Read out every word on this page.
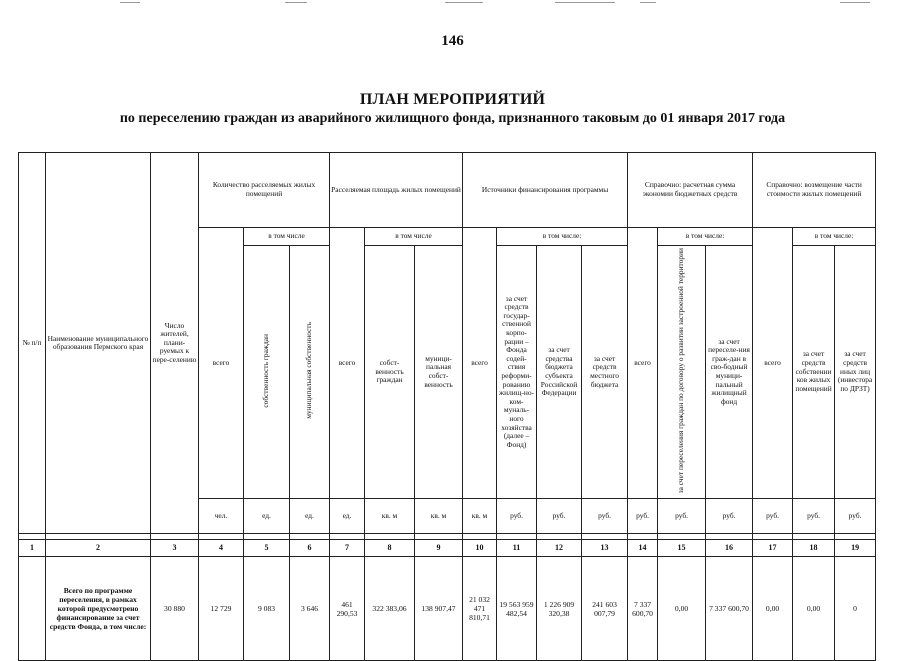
146
ПЛАН МЕРОПРИЯТИЙ
по переселению граждан из аварийного жилищного фонда, признанного таковым до 01 января 2017 года
№ п/п	Наименование муниципального образования Пермского края	Число жителей, плани-руемых к пере-селению	Количество расселяемых жилых помещений			Расселяемая площадь жилых помещений			Источники финансирования программы				Справочно: расчетная сумма экономии бюджетных средств			Справочно: возмещение части стоимости жилых помещений			
			всего	в том числе		всего	в том числе		всего	в том числе:			всего	в том числе:		всего	в том числе:		
				собственность граждан	муниципальная собственность		собст-венность граждан	муници-пальная собст-венность		за счет средств государ-ственной корпо-рации – Фонда содей-ствия реформи-рованию жилищ-но-ком-муналь-ного хозяйства (далее – Фонд)	за счет средства бюджета субъекта Российской Федерации	за счет средств местного бюджета		за счет переселения граждан по договору о развитии застроенной территории	за счет переселе-ния граж-дан в сво-бодный муници-пальный жилищный фонд		за счет средств собственни ков жилых помещений	за счет средств иных лиц (инвестора по ДРЗТ)	
			чел.	ед.	ед.	ед.	кв. м	кв. м	кв. м	руб.	руб.	руб.	руб.	руб.	руб.	руб.	руб.	руб.	

1	2	3	4	5	6	7	8	9	10	11	12	13	14	15	16	17	18	19	
	Всего по программе переселения, в рамках которой предусмотрено финансирование за счет средств Фонда, в том числе:	30 880	12 729	9 083	3 646	461 290,53	322 383,06	138 907,47	21 032 471 810,71	19 563 959 482,54	1 226 909 320,38	241 603 007,79	7 337 600,70	0,00	7 337 600,70	0,00	0,00	0	
